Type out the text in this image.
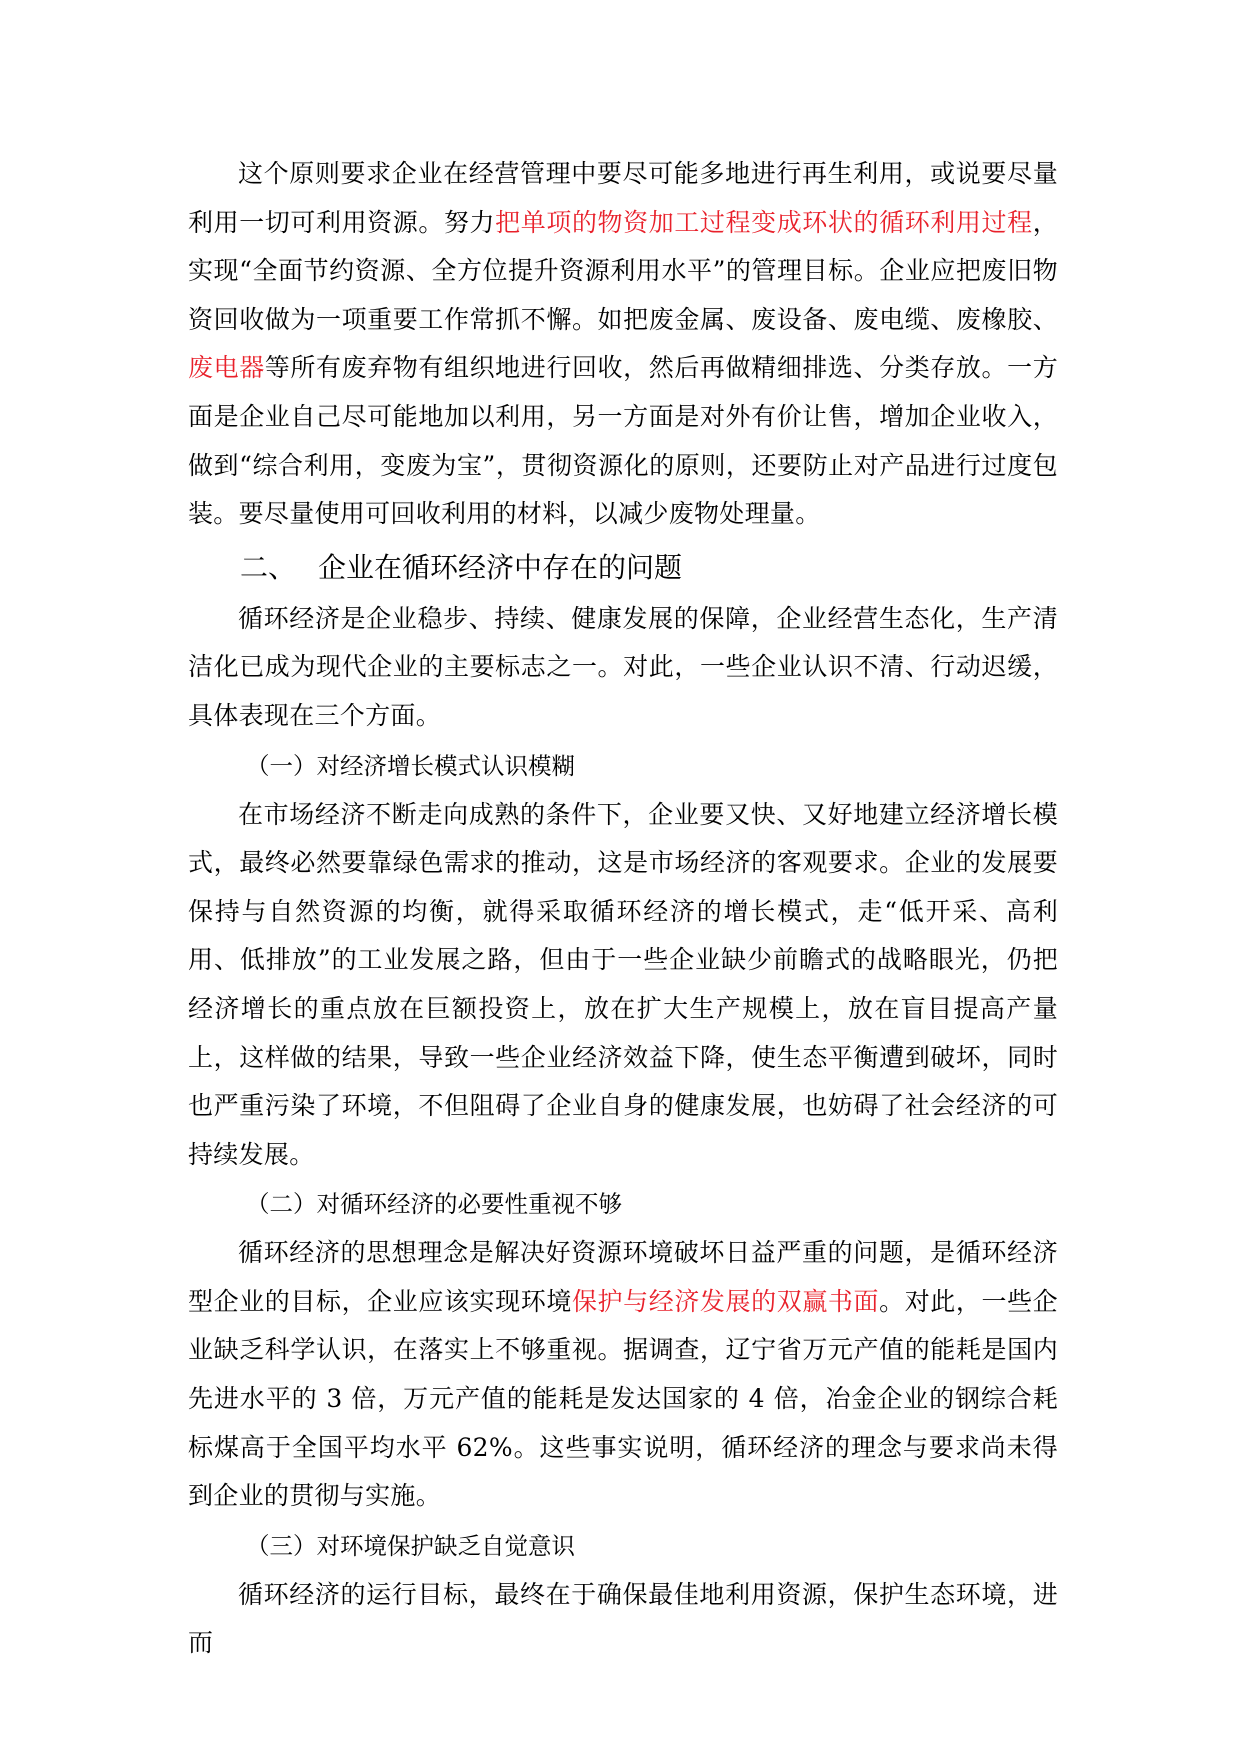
这个原则要求企业在经营管理中要尽可能多地进行再生利用，或说要尽量利用一切可利用资源。努力把单项的物资加工过程变成环状的循环利用过程，实现“全面节约资源、全方位提升资源利用水平”的管理目标。企业应把废旧物资回收做为一项重要工作常抓不懈。如把废金属、废设备、废电缆、废橡胶、废电器等所有废弃物有组织地进行回收，然后再做精细排选、分类存放。一方面是企业自己尽可能地加以利用，另一方面是对外有价让售，增加企业收入，做到“综合利用，变废为宝”，贯彻资源化的原则，还要防止对产品进行过度包装。要尽量使用可回收利用的材料，以减少废物处理量。

二、 企业在循环经济中存在的问题

循环经济是企业稳步、持续、健康发展的保障，企业经营生态化，生产清洁化已成为现代企业的主要标志之一。对此，一些企业认识不清、行动迟缓，具体表现在三个方面。

（一）对经济增长模式认识模糊

在市场经济不断走向成熟的条件下，企业要又快、又好地建立经济增长模式，最终必然要靠绿色需求的推动，这是市场经济的客观要求。企业的发展要保持与自然资源的均衡，就得采取循环经济的增长模式，走“低开采、高利用、低排放”的工业发展之路，但由于一些企业缺少前瞻式的战略眼光，仍把经济增长的重点放在巨额投资上，放在扩大生产规模上，放在盲目提高产量上，这样做的结果，导致一些企业经济效益下降，使生态平衡遭到破坏，同时也严重污染了环境，不但阻碍了企业自身的健康发展，也妨碍了社会经济的可持续发展。

（二）对循环经济的必要性重视不够

循环经济的思想理念是解决好资源环境破坏日益严重的问题，是循环经济型企业的目标，企业应该实现环境保护与经济发展的双赢书面。对此，一些企业缺乏科学认识，在落实上不够重视。据调查，辽宁省万元产值的能耗是国内先进水平的 3 倍，万元产值的能耗是发达国家的 4 倍，冶金企业的钢综合耗标煤高于全国平均水平 62%。这些事实说明，循环经济的理念与要求尚未得到企业的贯彻与实施。

（三）对环境保护缺乏自觉意识

循环经济的运行目标，最终在于确保最佳地利用资源，保护生态环境，进而
